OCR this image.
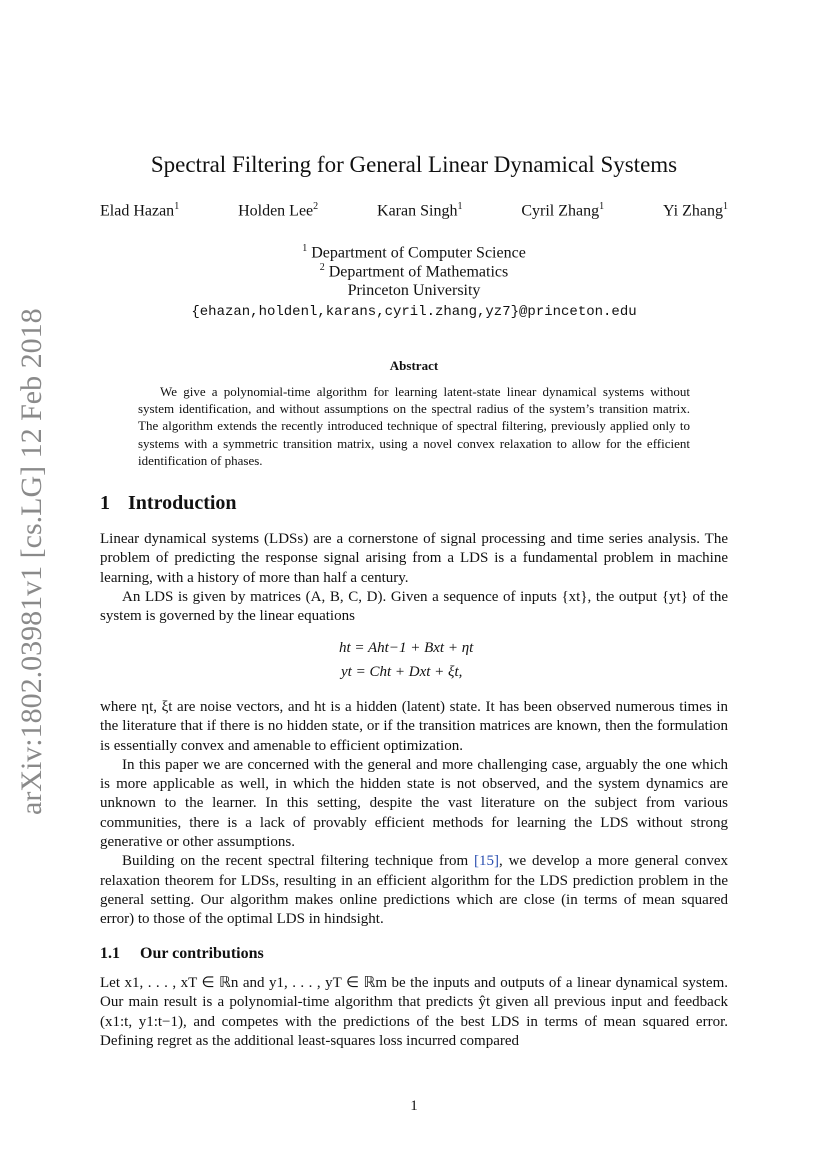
arXiv:1802.03981v1 [cs.LG] 12 Feb 2018
Spectral Filtering for General Linear Dynamical Systems
Elad Hazan$^1$	Holden Lee$^2$	Karan Singh$^1$	Cyril Zhang$^1$	Yi Zhang$^1$
$^1$ Department of Computer Science
$^2$ Department of Mathematics
Princeton University
{ehazan,holdenl,karans,cyril.zhang,yz7}@princeton.edu
Abstract
We give a polynomial-time algorithm for learning latent-state linear dynamical systems without system identification, and without assumptions on the spectral radius of the system’s transition matrix. The algorithm extends the recently introduced technique of spectral filtering, previously applied only to systems with a symmetric transition matrix, using a novel convex relaxation to allow for the efficient identification of phases.
1 Introduction

Linear dynamical systems (LDSs) are a cornerstone of signal processing and time series analysis. The problem of predicting the response signal arising from a LDS is a fundamental problem in machine learning, with a history of more than half a century.

An LDS is given by matrices (A, B, C, D). Given a sequence of inputs {xt}, the output {yt} of the system is governed by the linear equations

ht = Aht−1 + Bxt + ηt
yt = Cht + Dxt + ξt,

where ηt, ξt are noise vectors, and ht is a hidden (latent) state. It has been observed numerous times in the literature that if there is no hidden state, or if the transition matrices are known, then the formulation is essentially convex and amenable to efficient optimization.

In this paper we are concerned with the general and more challenging case, arguably the one which is more applicable as well, in which the hidden state is not observed, and the system dynamics are unknown to the learner. In this setting, despite the vast literature on the subject from various communities, there is a lack of provably efficient methods for learning the LDS without strong generative or other assumptions.

Building on the recent spectral filtering technique from [15], we develop a more general convex relaxation theorem for LDSs, resulting in an efficient algorithm for the LDS prediction problem in the general setting. Our algorithm makes online predictions which are close (in terms of mean squared error) to those of the optimal LDS in hindsight.

1.1 Our contributions

Let x1, . . . , xT ∈ ℝn and y1, . . . , yT ∈ ℝm be the inputs and outputs of a linear dynamical system. Our main result is a polynomial-time algorithm that predicts ŷt given all previous input and feedback (x1:t, y1:t−1), and competes with the predictions of the best LDS in terms of mean squared error. Defining regret as the additional least-squares loss incurred compared

1
